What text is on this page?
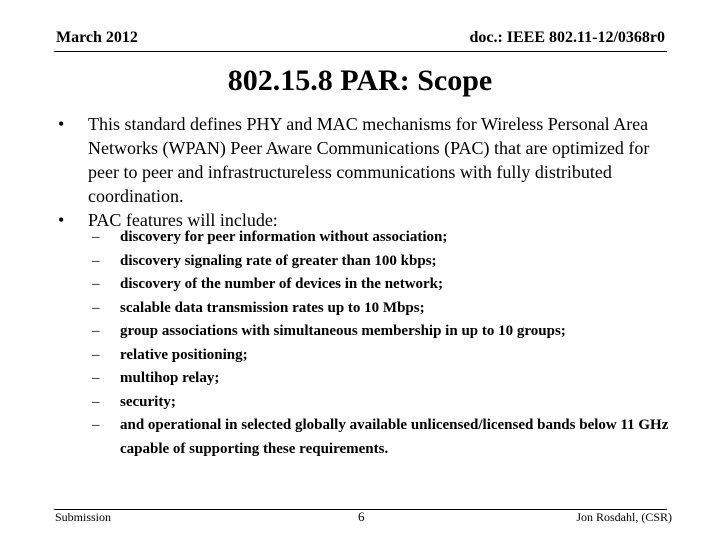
March 2012	doc.: IEEE 802.11-12/0368r0
802.15.8 PAR: Scope
•	This standard defines PHY and MAC mechanisms for Wireless Personal Area Networks (WPAN) Peer Aware Communications (PAC) that are optimized for peer to peer and infrastructureless communications with fully distributed coordination.
•	PAC features will include:
–	discovery for peer information without association;
–	discovery signaling rate of greater than 100 kbps;
–	discovery of the number of devices in the network;
–	scalable data transmission rates up to 10 Mbps;
–	group associations with simultaneous membership in up to 10 groups;
–	relative positioning;
–	multihop relay;
–	security;
–	and operational in selected globally available unlicensed/licensed bands below 11 GHz capable of supporting these requirements.
Submission	6	Jon Rosdahl, (CSR)
